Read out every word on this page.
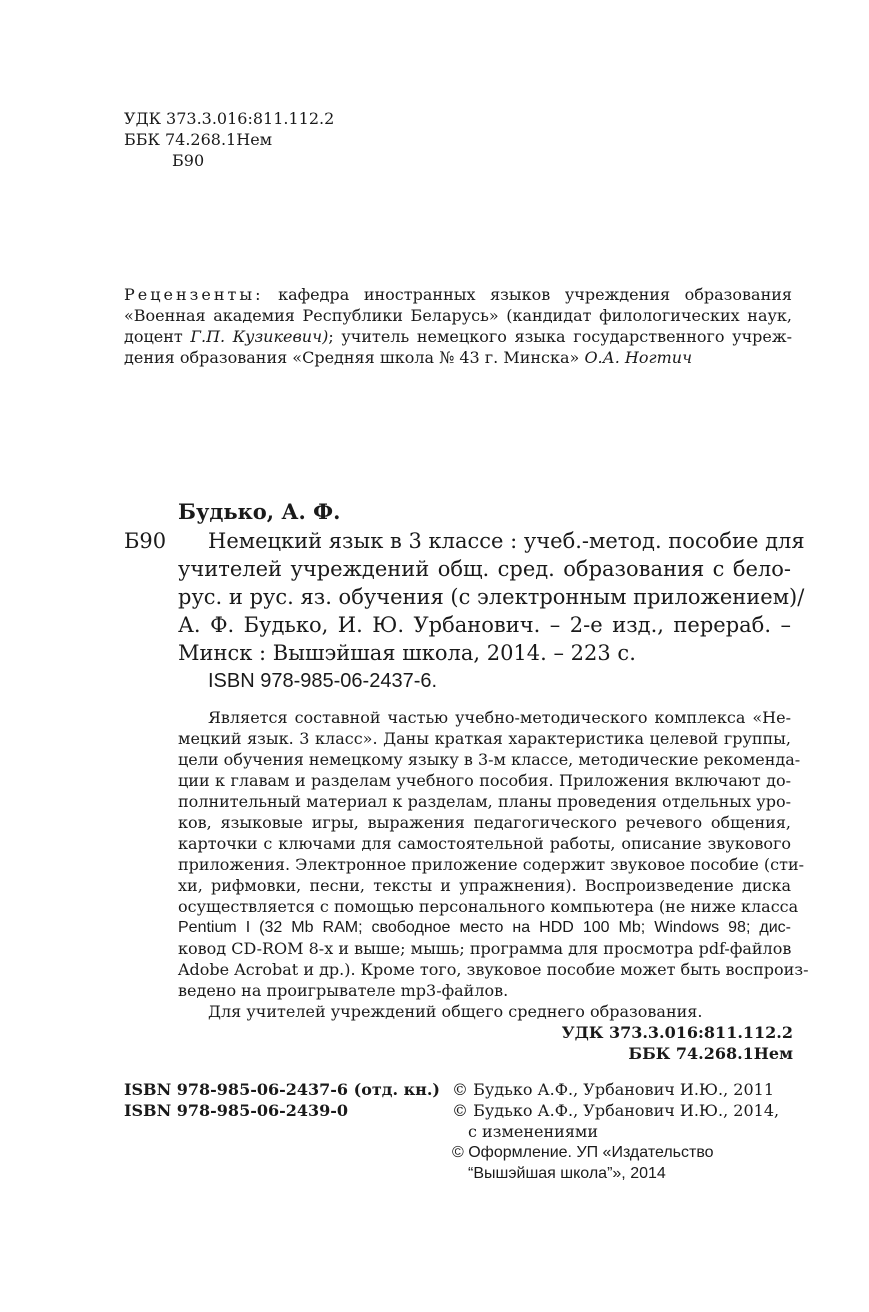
УДК 373.3.016:811.112.2
ББК 74.268.1Нем
Б90
Рецензенты: кафедра иностранных языков учреждения образования
«Военная академия Республики Беларусь» (кандидат филологических наук,
доцент Г.П. Кузикевич); учитель немецкого языка государственного учреж-
дения образования «Средняя школа № 43 г. Минска» О.А. Ногтич
Будько, А. Ф.
Б90	Немецкий язык в 3 классе : учеб.-метод. пособие для
учителей учреждений общ. сред. образования с бело-
рус. и рус. яз. обучения (с электронным приложением)/
А. Ф. Будько, И. Ю. Урбанович. – 2-е изд., перераб. –
Минск : Вышэйшая школа, 2014. – 223 с.
ISBN 978-985-06-2437-6.
Является составной частью учебно-методического комплекса «Не-
мецкий язык. 3 класс». Даны краткая характеристика целевой группы,
цели обучения немецкому языку в 3-м классе, методические рекоменда-
ции к главам и разделам учебного пособия. Приложения включают до-
полнительный материал к разделам, планы проведения отдельных уро-
ков, языковые игры, выражения педагогического речевого общения,
карточки с ключами для самостоятельной работы, описание звукового
приложения. Электронное приложение содержит звуковое пособие (сти-
хи, рифмовки, песни, тексты и упражнения). Воспроизведение диска
осуществляется с помощью персонального компьютера (не ниже класса
Pentium I (32 Mb RAM; свободное место на HDD 100 Mb; Windows 98; дис-
ковод CD-ROM 8-х и выше; мышь; программа для просмотра pdf-файлов
Adobe Acrobat и др.). Кроме того, звуковое пособие может быть воспроиз-
ведено на проигрывателе mp3-файлов.
Для учителей учреждений общего среднего образования.
УДК 373.3.016:811.112.2
ББК 74.268.1Нем
ISBN 978-985-06-2437-6 (отд. кн.)
ISBN 978-985-06-2439-0
© Будько А.Ф., Урбанович И.Ю., 2011
© Будько А.Ф., Урбанович И.Ю., 2014,
с изменениями
© Оформление. УП «Издательство
“Вышэйшая школа”», 2014
